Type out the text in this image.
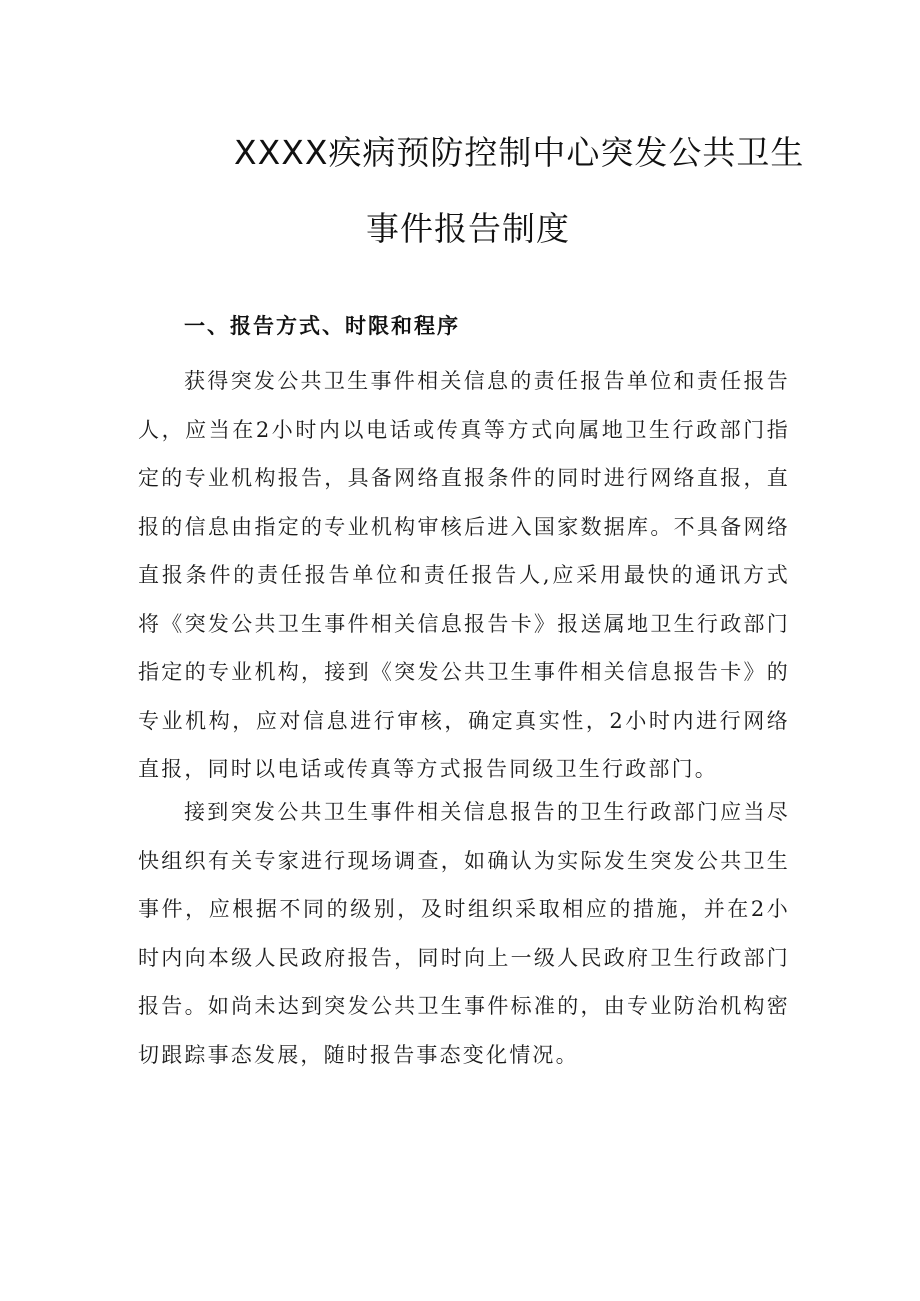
XXXX疾病预防控制中心突发公共卫生
事件报告制度
一、报告方式、时限和程序

获得突发公共卫生事件相关信息的责任报告单位和责任报告人，应当在2小时内以电话或传真等方式向属地卫生行政部门指定的专业机构报告，具备网络直报条件的同时进行网络直报，直报的信息由指定的专业机构审核后进入国家数据库。不具备网络直报条件的责任报告单位和责任报告人,应采用最快的通讯方式将《突发公共卫生事件相关信息报告卡》报送属地卫生行政部门指定的专业机构，接到《突发公共卫生事件相关信息报告卡》的专业机构，应对信息进行审核，确定真实性，2小时内进行网络直报，同时以电话或传真等方式报告同级卫生行政部门。

接到突发公共卫生事件相关信息报告的卫生行政部门应当尽快组织有关专家进行现场调查，如确认为实际发生突发公共卫生事件，应根据不同的级别，及时组织采取相应的措施，并在2小时内向本级人民政府报告，同时向上一级人民政府卫生行政部门报告。如尚未达到突发公共卫生事件标准的，由专业防治机构密切跟踪事态发展，随时报告事态变化情况。
